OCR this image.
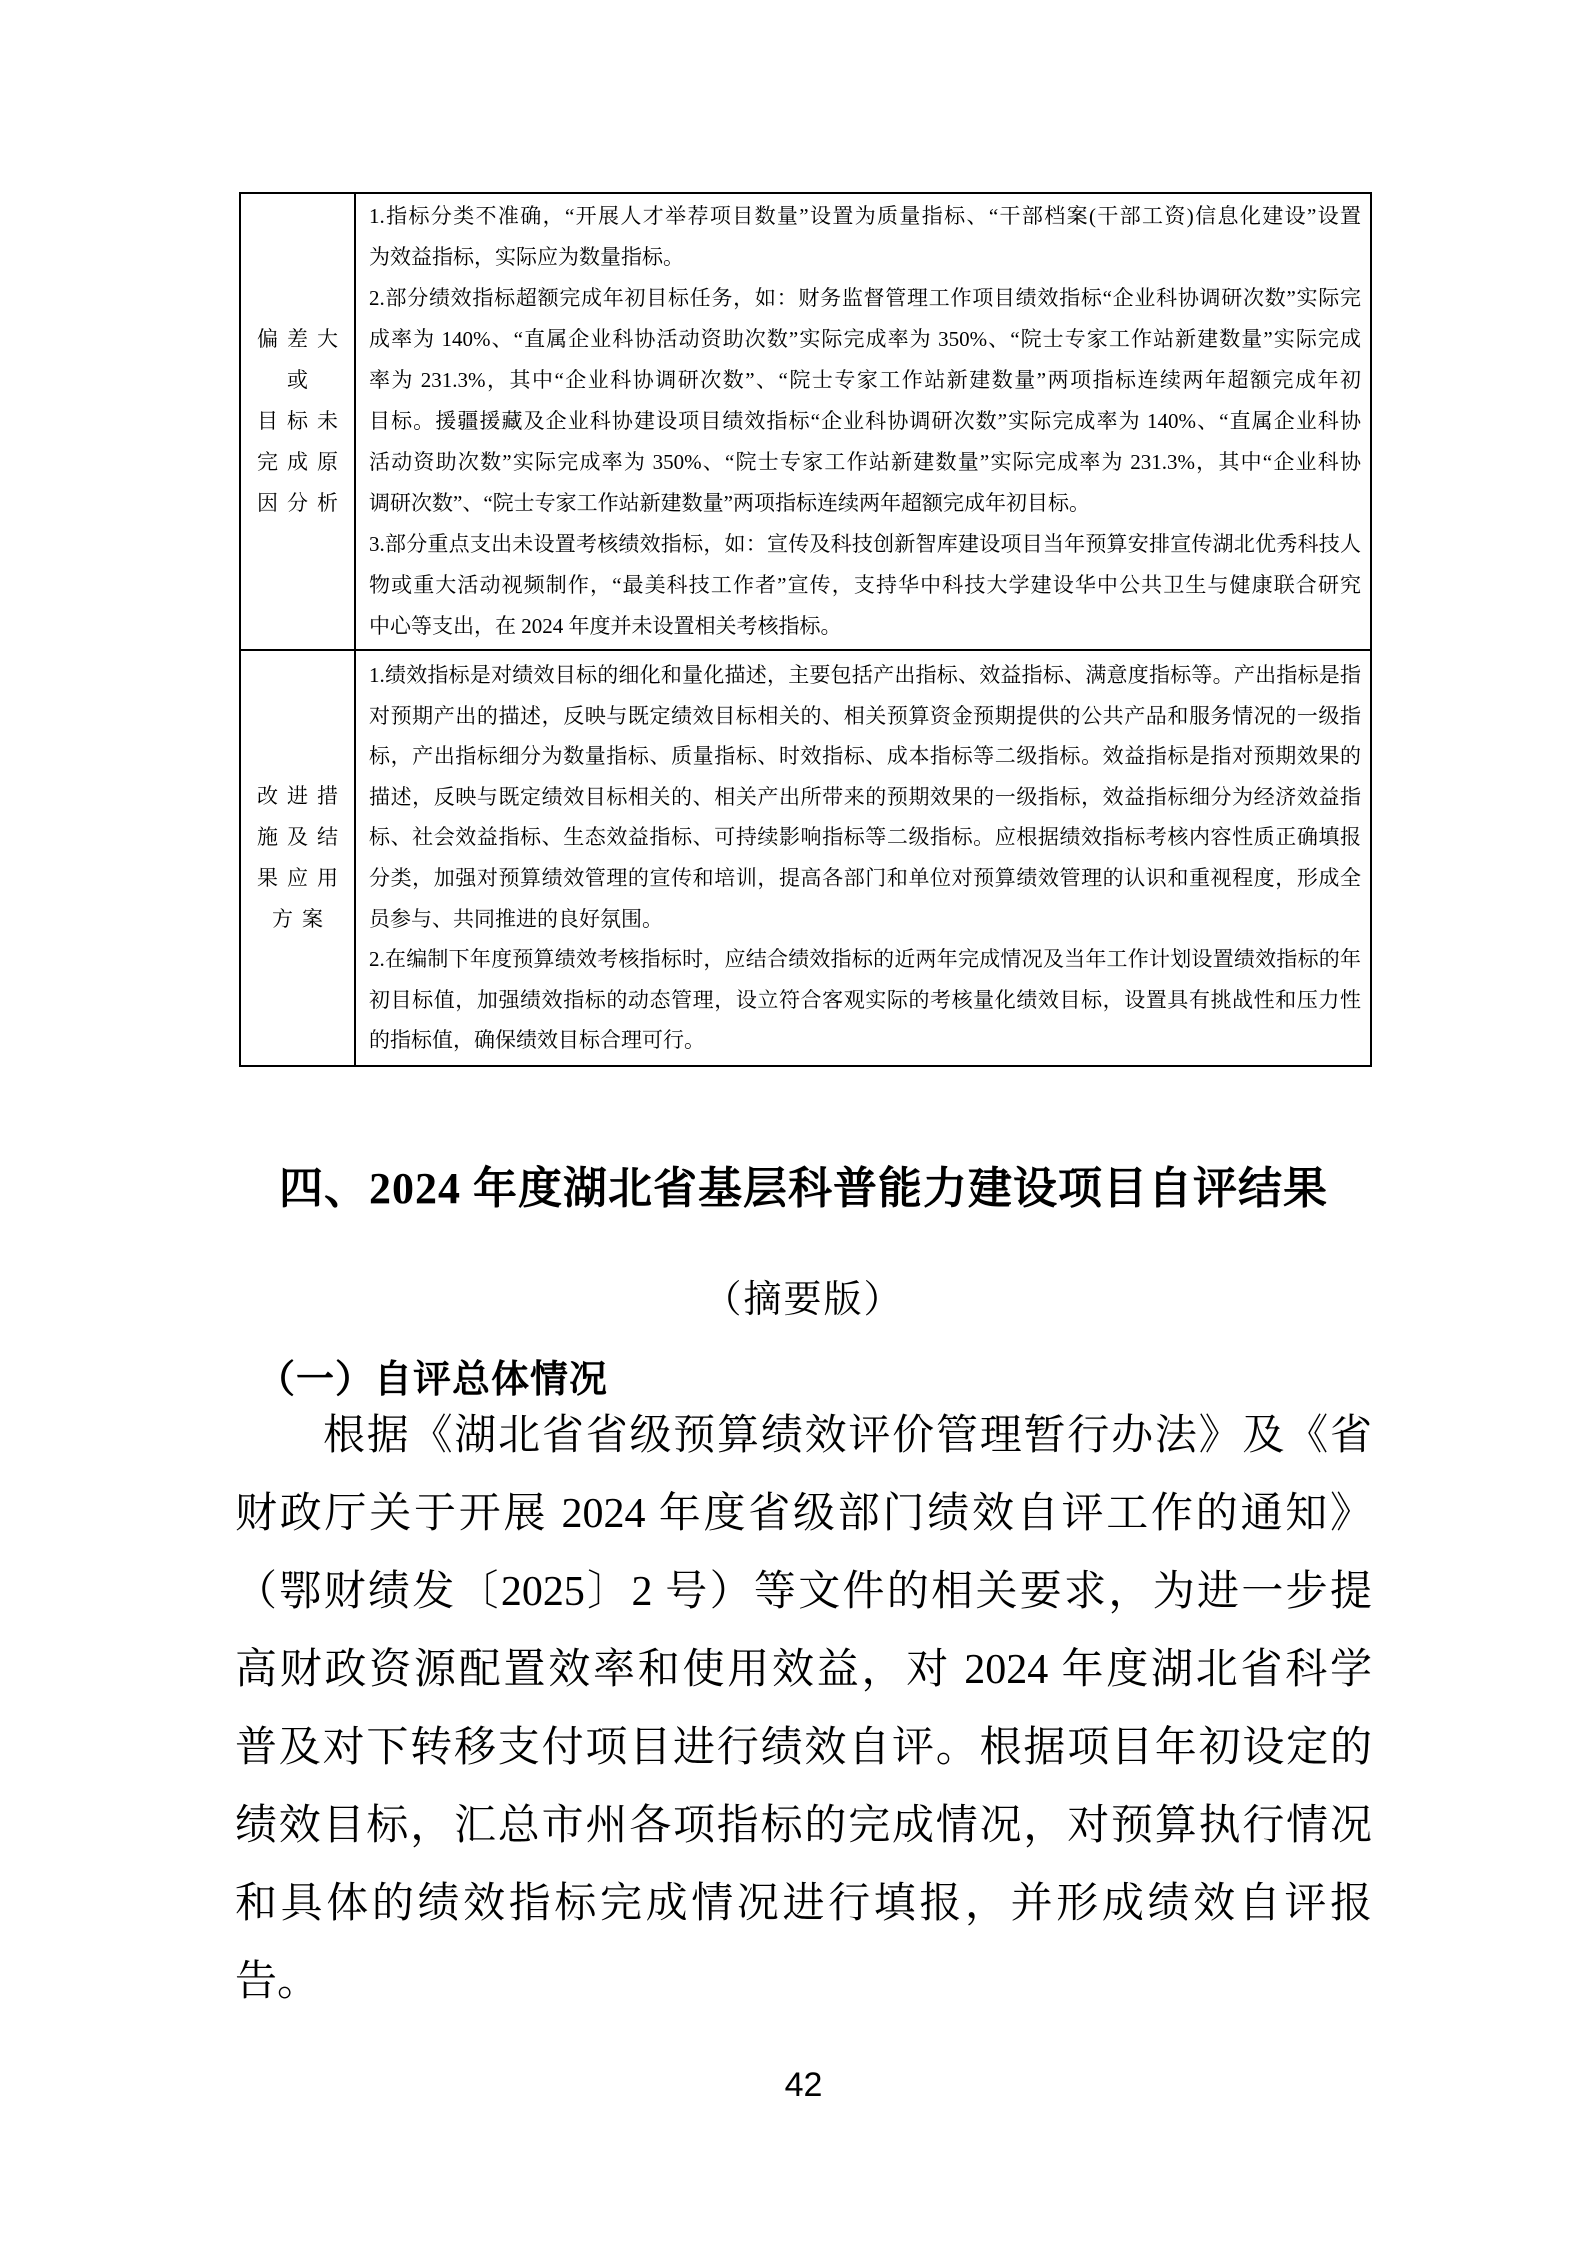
偏差大
或
目标未
完成原
因分析
1.指标分类不准确，“开展人才举荐项目数量”设置为质量指标、“干部档案(干部工资)信息化建设”设置
为效益指标，实际应为数量指标。
2.部分绩效指标超额完成年初目标任务，如：财务监督管理工作项目绩效指标“企业科协调研次数”实际完
成率为 140%、“直属企业科协活动资助次数”实际完成率为 350%、“院士专家工作站新建数量”实际完成
率为 231.3%，其中“企业科协调研次数”、“院士专家工作站新建数量”两项指标连续两年超额完成年初
目标。援疆援藏及企业科协建设项目绩效指标“企业科协调研次数”实际完成率为 140%、“直属企业科协
活动资助次数”实际完成率为 350%、“院士专家工作站新建数量”实际完成率为 231.3%，其中“企业科协
调研次数”、“院士专家工作站新建数量”两项指标连续两年超额完成年初目标。
3.部分重点支出未设置考核绩效指标，如：宣传及科技创新智库建设项目当年预算安排宣传湖北优秀科技人
物或重大活动视频制作，“最美科技工作者”宣传，支持华中科技大学建设华中公共卫生与健康联合研究
中心等支出，在 2024 年度并未设置相关考核指标。
改进措
施及结
果应用
方案
1.绩效指标是对绩效目标的细化和量化描述，主要包括产出指标、效益指标、满意度指标等。产出指标是指
对预期产出的描述，反映与既定绩效目标相关的、相关预算资金预期提供的公共产品和服务情况的一级指
标，产出指标细分为数量指标、质量指标、时效指标、成本指标等二级指标。效益指标是指对预期效果的
描述，反映与既定绩效目标相关的、相关产出所带来的预期效果的一级指标，效益指标细分为经济效益指
标、社会效益指标、生态效益指标、可持续影响指标等二级指标。应根据绩效指标考核内容性质正确填报
分类，加强对预算绩效管理的宣传和培训，提高各部门和单位对预算绩效管理的认识和重视程度，形成全
员参与、共同推进的良好氛围。
2.在编制下年度预算绩效考核指标时，应结合绩效指标的近两年完成情况及当年工作计划设置绩效指标的年
初目标值，加强绩效指标的动态管理，设立符合客观实际的考核量化绩效目标，设置具有挑战性和压力性
的指标值，确保绩效目标合理可行。
四、2024 年度湖北省基层科普能力建设项目自评结果
（摘要版）
（一）自评总体情况
根据《湖北省省级预算绩效评价管理暂行办法》及《省
财政厅关于开展 2024 年度省级部门绩效自评工作的通知》
（鄂财绩发〔2025〕2 号）等文件的相关要求，为进一步提
高财政资源配置效率和使用效益，对 2024 年度湖北省科学
普及对下转移支付项目进行绩效自评。根据项目年初设定的
绩效目标，汇总市州各项指标的完成情况，对预算执行情况
和具体的绩效指标完成情况进行填报，并形成绩效自评报
告。
42
